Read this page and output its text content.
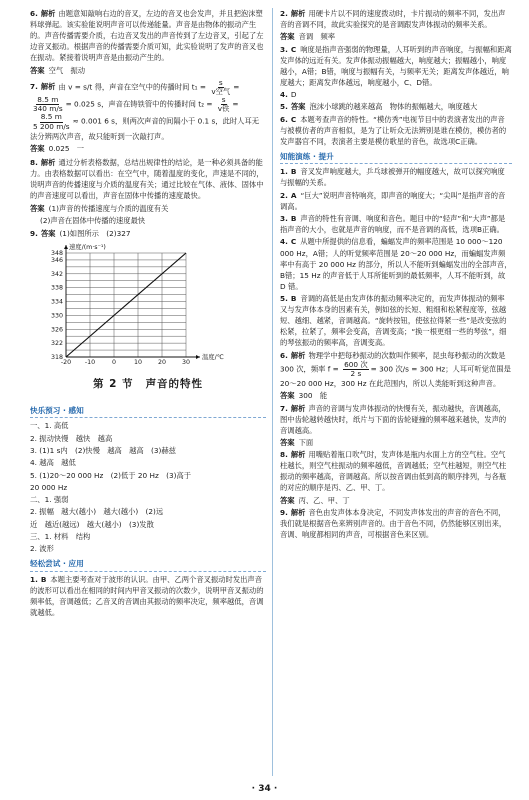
6. 解析 由题意知敲响右边的音叉，左边的音叉也会发声，并且把泡沫塑料球弹起。该实验能说明声音可以传递能量。声音是由物体的振动产生的。声音传播需要介质，右边音叉发出的声音传到了左边音叉，引起了左边音叉振动。根据声音的传播需要介质可知，此实验说明了发声的音叉也在振动。紧接着说明声音是由振动产生的。

答案 空气　振动

7. 解析 由 v = s/t 得，声音在空气中的传播时间 $t_1 = \frac{s}{\text{v空气}}$ =
$\frac{8.5 m}{340 m/s} = 0.025$ s，声音在铸铁管中的传播时间 $t_2 = \frac{s}{\text{v铁}}$ =
$\frac{8.5 m}{5 200 m/s} \approx 0.001$ 6 s，则两次声音的间隔小于 0.1 s，此时人耳无法分辨两次声音，故只能听到一次敲打声。

答案 0.025　一

8. 解析 通过分析表格数据，总结出规律性的结论，是一种必须具备的能力。由表格数据可以看出：在空气中，随着温度的变化，声速是不同的，说明声音的传播速度与介质的温度有关；通过比较在气体、液体、固体中的声音速度可以看出，声音在固体中传播的速度最快。

答案 (1)声音的传播速度与介质的温度有关

(2)声音在固体中传播的速度最快

9. 答案 (1)如图所示　(2)327

-20 -10	0	10	20	30
318
322
326
330
334
338
342
346
348
温度/℃
速度/(m·s⁻¹)
第 2 节 声音的特性
快乐预习 · 感知

一、1. 高低

2. 振动快慢　越快　越高

3. (1)1 s内　(2)快慢　越高　越高　(3)赫兹

4. 越高　越低

5. (1)20～20 000 Hz　(2)低于 20 Hz　(3)高于

20 000 Hz

二、1. 强弱

2. 振幅　越大(越小)　越大(越小)　(2)远

近　越近(越远)　越大(越小)　(3)发散

三、1. 材料　结构

2. 波形

轻松尝试 · 应用

1. B 本题主要考查对于波形的认识。由甲、乙两个音叉振动时发出声音的波形可以看出在相同的时间内甲音叉振动的次数少，说明甲音叉振动的频率低，音调越低；乙音叉的音调由其振动的频率决定，频率越低，音调就越低。

2. 解析 用硬卡片以不同的速度拨动时，卡片振动的频率不同，发出声音的音调不同，故此实验探究的是音调跟发声体振动的频率关系。

答案 音调　频率

3. C 响度是指声音强弱的物理量，人耳听到的声音响度，与振幅和距离发声体的远近有关。发声体振动振幅越大，响度越大；振幅越小，响度越小，A错；B错，响度与振幅有关，与频率无关；距离发声体越近，响度越大；距离发声体越远，响度越小，C、D错。

4. D

5. 答案 泡沫小球跳的越来越高　物体的振幅越大，响度越大

6. C 本题考查声音的特性。“模仿秀”电视节目中的表演者发出的声音与被模仿者的声音相似，是为了让听众无法辨别是谁在模仿，模仿者的发声器官不同，表演者主要是模仿歌星的音色，故选项C正确。

知能演练 · 提升

1. B 音叉发声响度越大，乒乓球被弹开的幅度越大，故可以探究响度与振幅的关系。

2. A “巨大”说明声音特响亮，即声音的响度大；“尖叫”是指声音的音调高。

3. B 声音的特性有音调、响度和音色。题目中的“轻声”和“大声”都是指声音的大小，也就是声音的响度，而不是音调的高低，选项B正确。

4. C 从题中所提供的信息看，蝙蝠发声的频率范围是 10 000～120 000 Hz，A错；人的听觉频率范围是 20～20 000 Hz，而蝙蝠发声频率中有高于 20 000 Hz 的部分，所以人不能听到蝙蝠发出的全部声音，B错；15 Hz 的声音低于人耳所能听到的最低频率，人耳不能听到，故 D 错。

5. B 音调的高低是由发声体的振动频率决定的，而发声体振动的频率又与发声体本身的因素有关，例如弦的长短、粗细和松紧程度等，弦越短、越细、越紧，音调越高。“旋转按钮，使弦拉得紧一些”是改变弦的松紧，拉紧了，频率会变高，音调变高；“换一根更细一些的琴弦”，细的琴弦振动的频率高，音调变高。

6. 解析 物理学中把每秒振动的次数叫作频率，昆虫每秒振动的次数是 300 次，频率 $f = \frac{\text{600 次}}{2 s} = 300$ 次/s = 300 Hz；人耳可听觉范围是 20～20 000 Hz，300 Hz 在此范围内，所以人类能听到这种声音。

答案 300　能

7. 解析 声音的音调与发声体振动的快慢有关，振动越快，音调越高，图中齿轮越转越快时，纸片与下面的齿轮碰撞的频率越来越快，发声的音调越高。

答案 下面

8. 解析 用嘴贴着瓶口吹气时，发声体是瓶内水面上方的空气柱。空气柱越长，则空气柱振动的频率越低，音调越低；空气柱越短，则空气柱振动的频率越高，音调越高。所以按音调由低到高的顺序排列，与各瓶的对应的顺序是丙、乙、甲、丁。

答案 丙、乙、甲、丁

9. 解析 音色由发声体本身决定，不同发声体发出的声音的音色不同，我们就是根据音色来辨别声音的。由于音色不同，仍然能够区别出来，音调、响度都相同的声音，可根据音色来区别。

· 34 ·
